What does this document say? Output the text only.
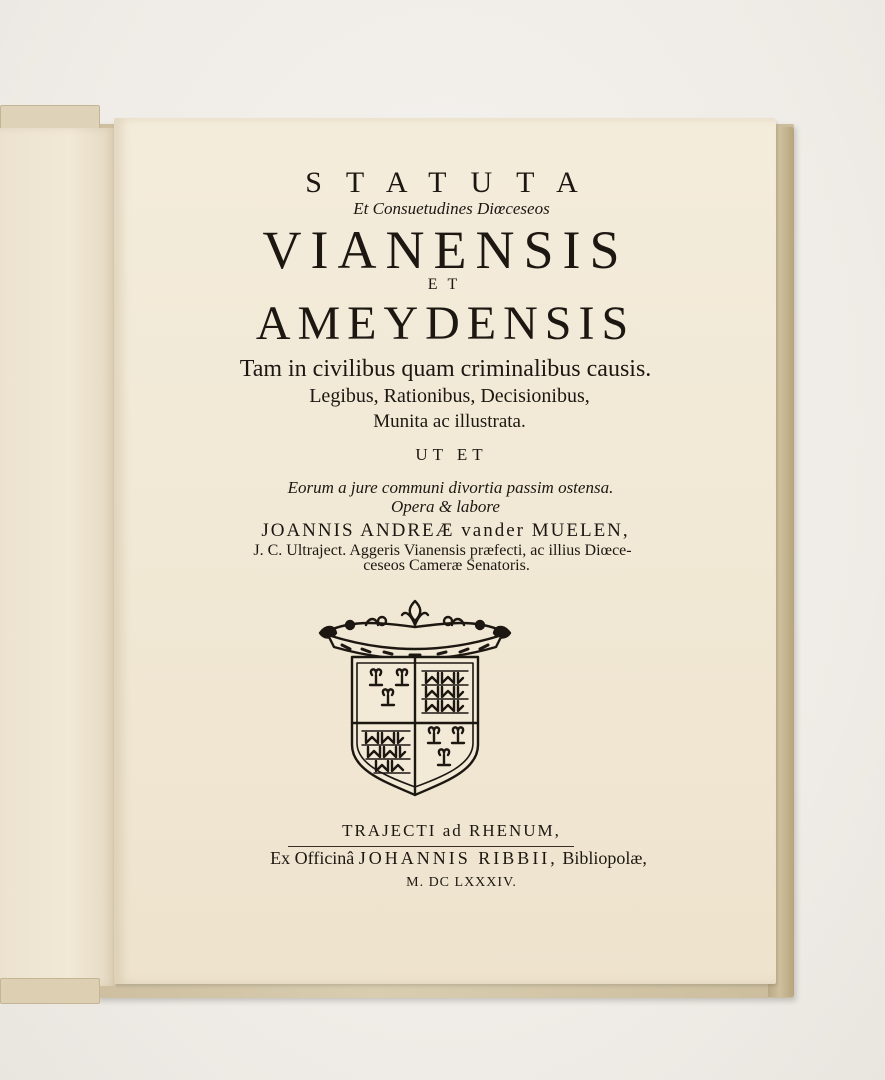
STATUTA
Et Consuetudines Diœceseos
VIANENSIS
ET
AMEYDENSIS
Tam in civilibus quam criminalibus causis.
Legibus, Rationibus, Decisionibus,
Munita ac illustrata.
UT ET
Eorum a jure communi divortia passim ostensa.
Opera & labore
JOANNIS ANDREÆ vander MUELEN,
J. C. Ultraject. Aggeris Vianensis præfecti, ac illius Diœce-
ceseos Cameræ Senatoris.
TRAJECTI ad RHENUM,
Ex Officinâ JOHANNIS RIBBII, Bibliopolæ,
M. DC LXXXIV.
